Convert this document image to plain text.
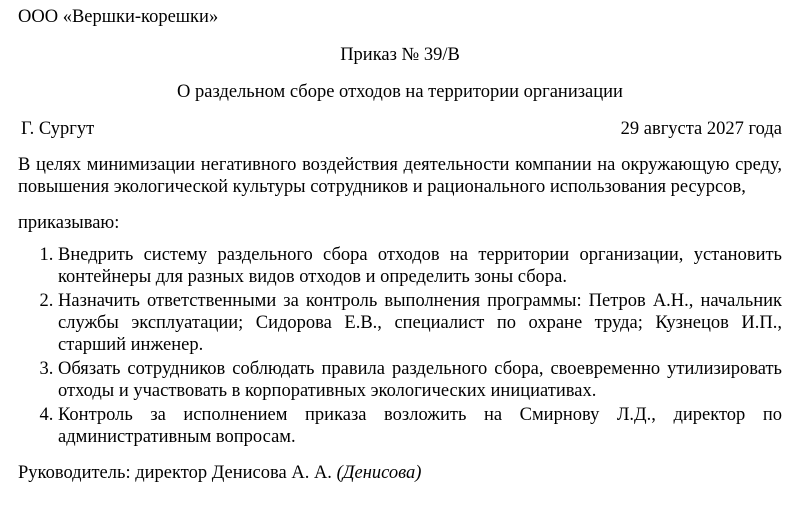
ООО «Вершки-корешки»
Приказ № 39/В
О раздельном сборе отходов на территории организации
Г. Сургут	29 августа 2027 года
В целях минимизации негативного воздействия деятельности компании на окружающую среду, повышения экологической культуры сотрудников и рационального использования ресурсов,
приказываю:
1. Внедрить систему раздельного сбора отходов на территории организации, установить контейнеры для разных видов отходов и определить зоны сбора.
2. Назначить ответственными за контроль выполнения программы: Петров А.Н., начальник службы эксплуатации; Сидорова Е.В., специалист по охране труда; Кузнецов И.П., старший инженер.
3. Обязать сотрудников соблюдать правила раздельного сбора, своевременно утилизировать отходы и участвовать в корпоративных экологических инициативах.
4. Контроль за исполнением приказа возложить на Смирнову Л.Д., директор по административным вопросам.
Руководитель: директор Денисова А. А. (Денисова)
